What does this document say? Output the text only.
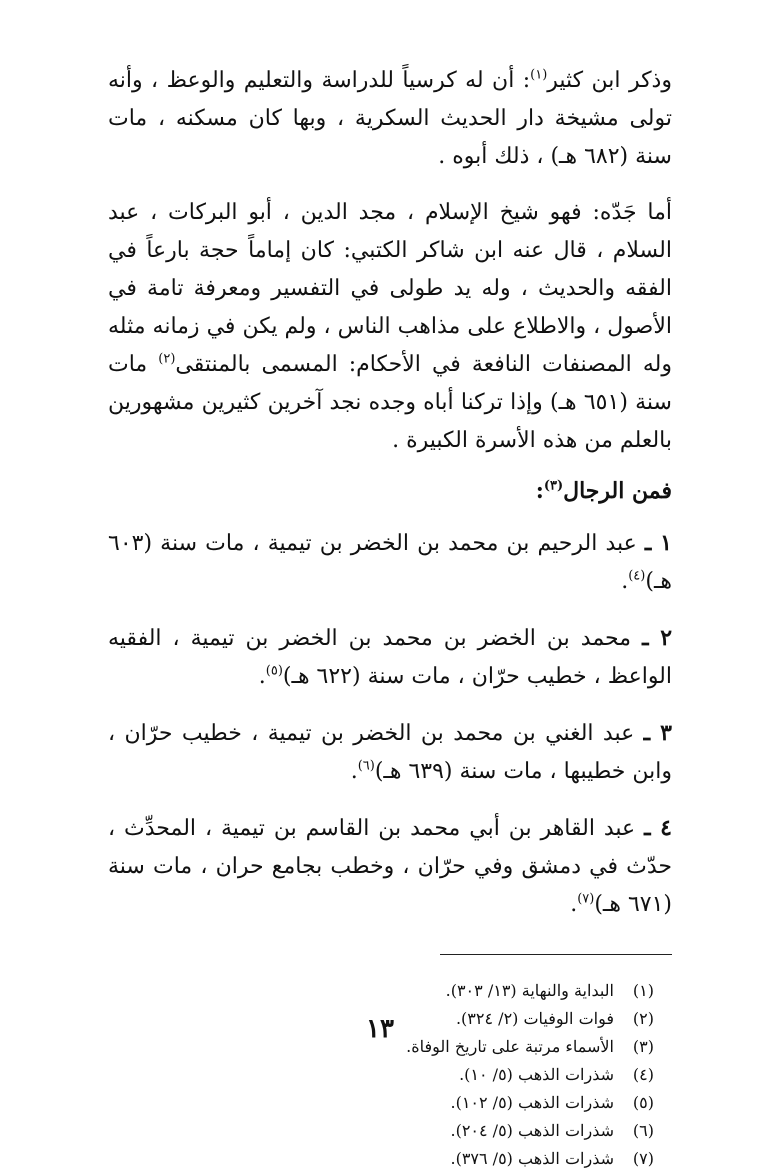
وذكر ابن كثير$^{(١)}$: أن له كرسياً للدراسة والتعليم والوعظ ، وأنه تولى مشيخة دار الحديث السكرية ، وبها كان مسكنه ، مات سنة (٦٨٢ هـ) ، ذلك أبوه .

أما جَدّه: فهو شيخ الإسلام ، مجد الدين ، أبو البركات ، عبد السلام ، قال عنه ابن شاكر الكتبي: كان إماماً حجة بارعاً في الفقه والحديث ، وله يد طولى في التفسير ومعرفة تامة في الأصول ، والاطلاع على مذاهب الناس ، ولم يكن في زمانه مثله وله المصنفات النافعة في الأحكام: المسمى بالمنتقى$^{(٢)}$ مات سنة (٦٥١ هـ) وإذا تركنا أباه وجده نجد آخرين كثيرين مشهورين بالعلم من هذه الأسرة الكبيرة .

فمن الرجال$^{(٣)}$:

١ ـ عبد الرحيم بن محمد بن الخضر بن تيمية ، مات سنة (٦٠٣ هـ)$^{(٤)}$.

٢ ـ محمد بن الخضر بن محمد بن الخضر بن تيمية ، الفقيه الواعظ ، خطيب حرّان ، مات سنة (٦٢٢ هـ)$^{(٥)}$.

٣ ـ عبد الغني بن محمد بن الخضر بن تيمية ، خطيب حرّان ، وابن خطيبها ، مات سنة (٦٣٩ هـ)$^{(٦)}$.

٤ ـ عبد القاهر بن أبي محمد بن القاسم بن تيمية ، المحدِّث ، حدّث في دمشق وفي حرّان ، وخطب بجامع حران ، مات سنة (٦٧١ هـ)$^{(٧)}$.

(١)
البداية والنهاية (١٣/ ٣٠٣).
(٢)
فوات الوفيات (٢/ ٣٢٤).
(٣)
الأسماء مرتبة على تاريخ الوفاة.
(٤)
شذرات الذهب (٥/ ١٠).
(٥)
شذرات الذهب (٥/ ١٠٢).
(٦)
شذرات الذهب (٥/ ٢٠٤).
(٧)
شذرات الذهب (٥/ ٣٧٦).
١٣
